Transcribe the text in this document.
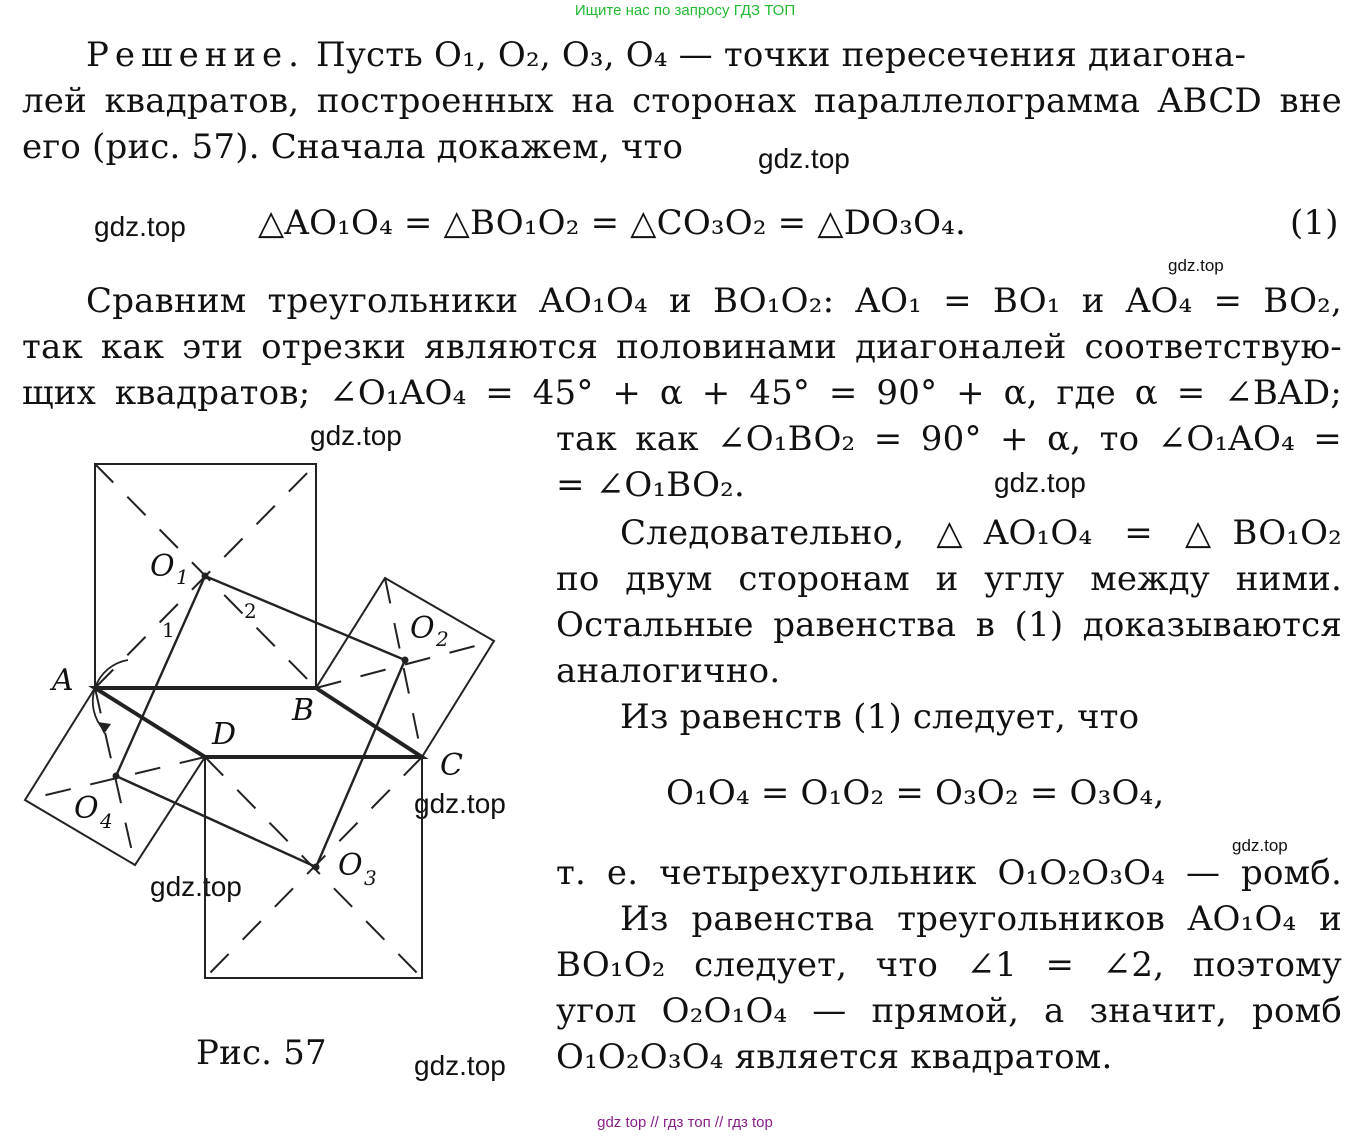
Ищите нас по запросу ГДЗ ТОП
gdz top // гдз топ // гдз top
Решение. Пусть O₁, O₂, O₃, O₄ — точки пересечения диагона-
лей квадратов, построенных на сторонах параллелограмма ABCD вне
его (рис. 57). Сначала докажем, что
△AO₁O₄ = △BO₁O₂ = △CO₃O₂ = △DO₃O₄.	(1)
Сравним треугольники AO₁O₄ и BO₁O₂: AO₁ = BO₁ и AO₄ = BO₂,
так как эти отрезки являются половинами диагоналей соответствую-
щих квадратов; ∠O₁AO₄ = 45° + α + 45° = 90° + α, где α = ∠BAD;
так как ∠O₁BO₂ = 90° + α, то ∠O₁AO₄ =
= ∠O₁BO₂.
Следовательно, △AO₁O₄ = △BO₁O₂
по двум сторонам и углу между ними.
Остальные равенства в (1) доказываются
аналогично.
Из равенств (1) следует, что
O₁O₄ = O₁O₂ = O₃O₂ = O₃O₄,
т. е. четырехугольник O₁O₂O₃O₄ — ромб.
Из равенства треугольников AO₁O₄ и
BO₁O₂ следует, что ∠1 = ∠2, поэтому
угол O₂O₁O₄ — прямой, а значит, ромб
O₁O₂O₃O₄ является квадратом.
Рис. 57
gdz.top
gdz.top
gdz.top
gdz.top
gdz.top
gdz.top
gdz.top
gdz.top
gdz.top
A
B
C
D
O 1
O 2
O 3
O 4
1
2
